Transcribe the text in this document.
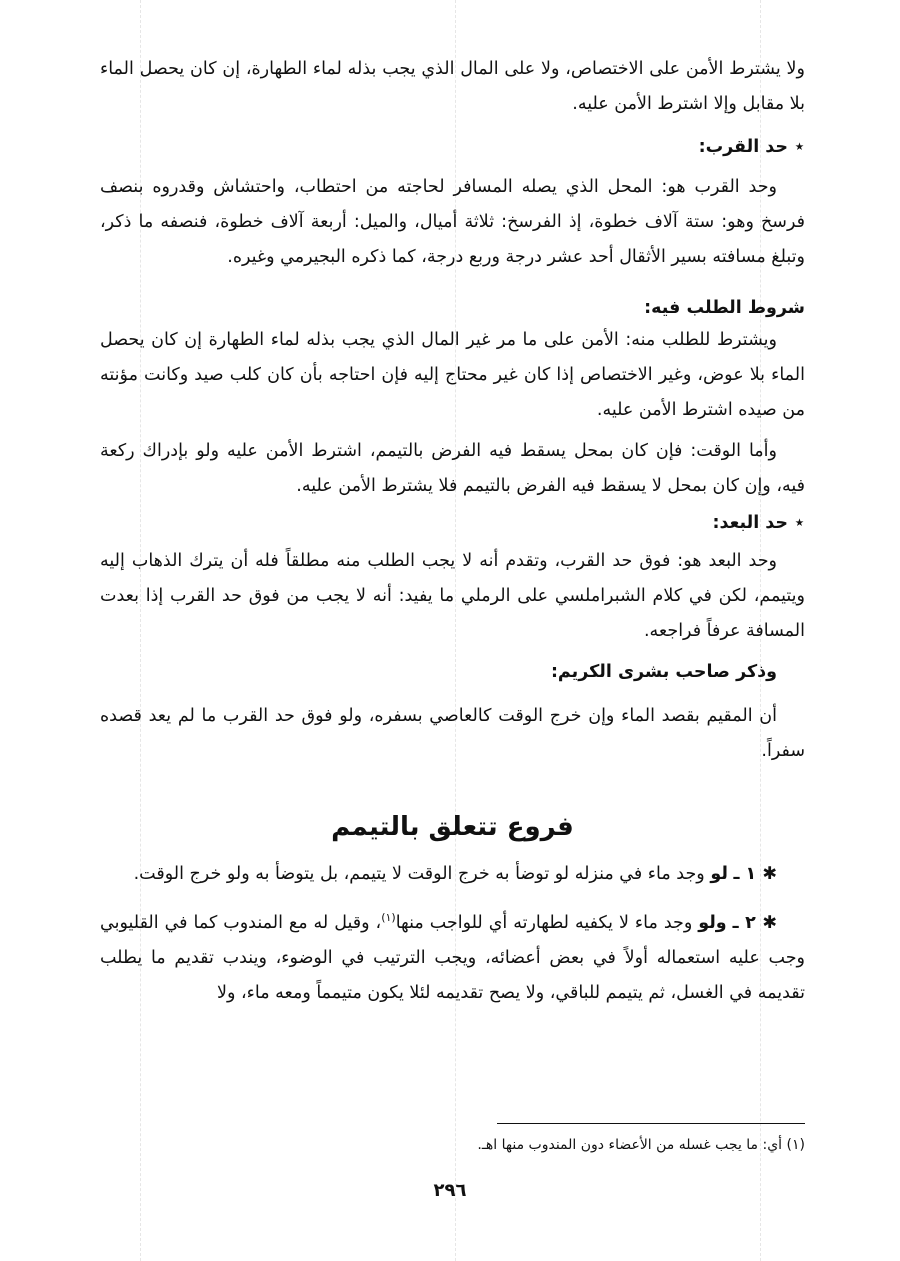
ولا يشترط الأمن على الاختصاص، ولا على المال الذي يجب بذله لماء الطهارة، إن كان يحصل الماء بلا مقابل وإلا اشترط الأمن عليه.

⋆حد القرب:

وحد القرب هو: المحل الذي يصله المسافر لحاجته من احتطاب، واحتشاش وقدروه بنصف فرسخ وهو: ستة آلاف خطوة، إذ الفرسخ: ثلاثة أميال، والميل: أربعة آلاف خطوة، فنصفه ما ذكر، وتبلغ مسافته بسير الأثقال أحد عشر درجة وربع درجة، كما ذكره البجيرمي وغيره.

شروط الطلب فيه:

ويشترط للطلب منه: الأمن على ما مر غير المال الذي يجب بذله لماء الطهارة إن كان يحصل الماء بلا عوض، وغير الاختصاص إذا كان غير محتاج إليه فإن احتاجه بأن كان كلب صيد وكانت مؤنته من صيده اشترط الأمن عليه.

وأما الوقت: فإن كان بمحل يسقط فيه الفرض بالتيمم، اشترط الأمن عليه ولو بإدراك ركعة فيه، وإن كان بمحل لا يسقط فيه الفرض بالتيمم فلا يشترط الأمن عليه.

⋆حد البعد:

وحد البعد هو: فوق حد القرب، وتقدم أنه لا يجب الطلب منه مطلقاً فله أن يترك الذهاب إليه ويتيمم، لكن في كلام الشبراملسي على الرملي ما يفيد: أنه لا يجب من فوق حد القرب إذا بعدت المسافة عرفاً فراجعه.

وذكر صاحب بشرى الكريم:

أن المقيم بقصد الماء وإن خرج الوقت كالعاصي بسفره، ولو فوق حد القرب ما لم يعد قصده سفراً.

فروع تتعلق بالتيمم

✱ ١ ـ لو وجد ماء في منزله لو توضأ به خرج الوقت لا يتيمم، بل يتوضأ به ولو خرج الوقت.

✱ ٢ ـ ولو وجد ماء لا يكفيه لطهارته أي للواجب منها$^{(١)}$، وقيل له مع المندوب كما في القليوبي وجب عليه استعماله أولاً في بعض أعضائه، ويجب الترتيب في الوضوء، ويندب تقديم ما يطلب تقديمه في الغسل، ثم يتيمم للباقي، ولا يصح تقديمه لئلا يكون متيمماً ومعه ماء، ولا

(١) أي: ما يجب غسله من الأعضاء دون المندوب منها اهـ.
٢٩٦
